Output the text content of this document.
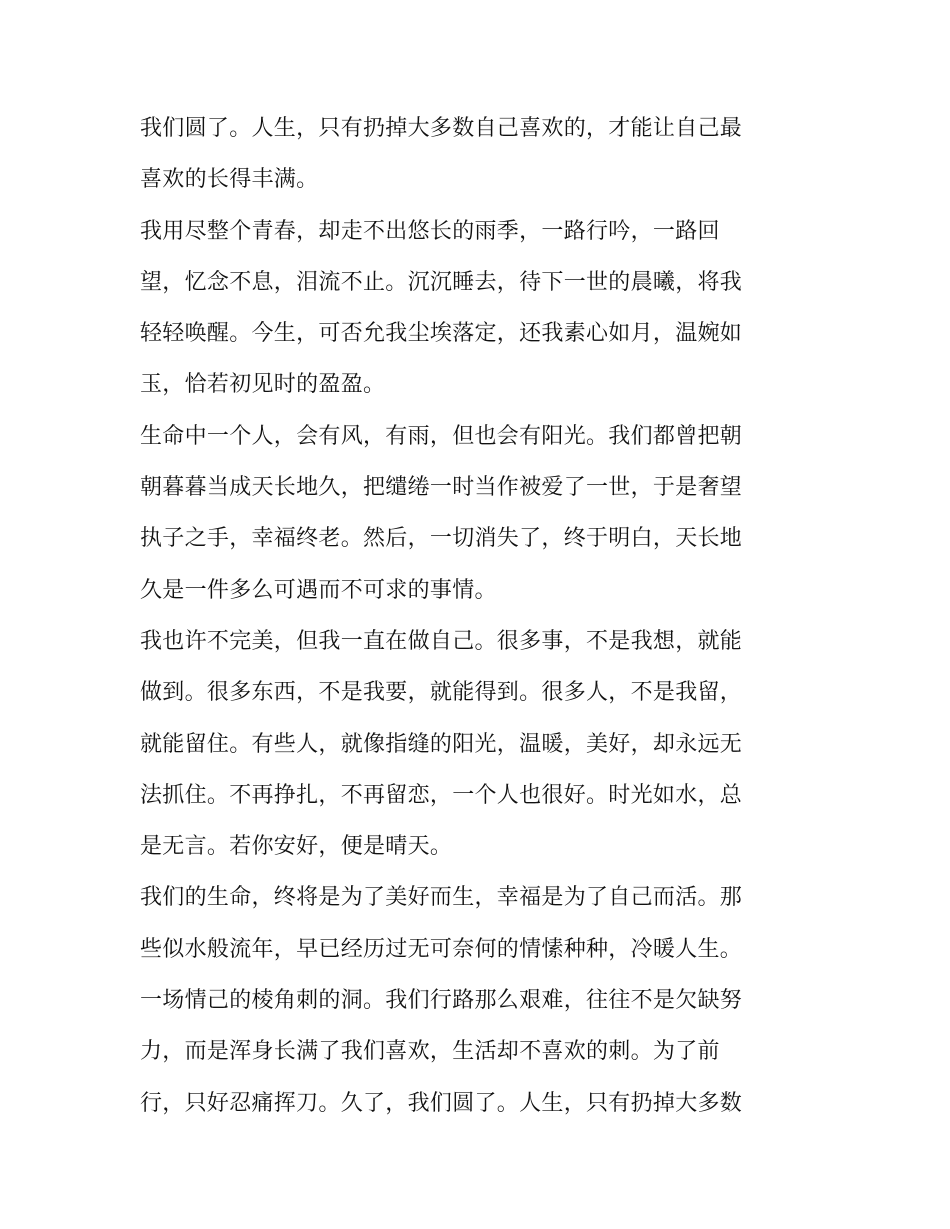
我们圆了。人生，只有扔掉大多数自己喜欢的，才能让自己最
喜欢的长得丰满。
我用尽整个青春，却走不出悠长的雨季，一路行吟，一路回
望，忆念不息，泪流不止。沉沉睡去，待下一世的晨曦，将我
轻轻唤醒。今生，可否允我尘埃落定，还我素心如月，温婉如
玉，恰若初见时的盈盈。
生命中一个人，会有风，有雨，但也会有阳光。我们都曾把朝
朝暮暮当成天长地久，把缱绻一时当作被爱了一世，于是奢望
执子之手，幸福终老。然后，一切消失了，终于明白，天长地
久是一件多么可遇而不可求的事情。
我也许不完美，但我一直在做自己。很多事，不是我想，就能
做到。很多东西，不是我要，就能得到。很多人，不是我留，
就能留住。有些人，就像指缝的阳光，温暖，美好，却永远无
法抓住。不再挣扎，不再留恋，一个人也很好。时光如水，总
是无言。若你安好，便是晴天。
我们的生命，终将是为了美好而生，幸福是为了自己而活。那
些似水般流年，早已经历过无可奈何的情愫种种，冷暖人生。
一场情己的棱角刺的洞。我们行路那么艰难，往往不是欠缺努
力，而是浑身长满了我们喜欢，生活却不喜欢的刺。为了前
行，只好忍痛挥刀。久了，我们圆了。人生，只有扔掉大多数
